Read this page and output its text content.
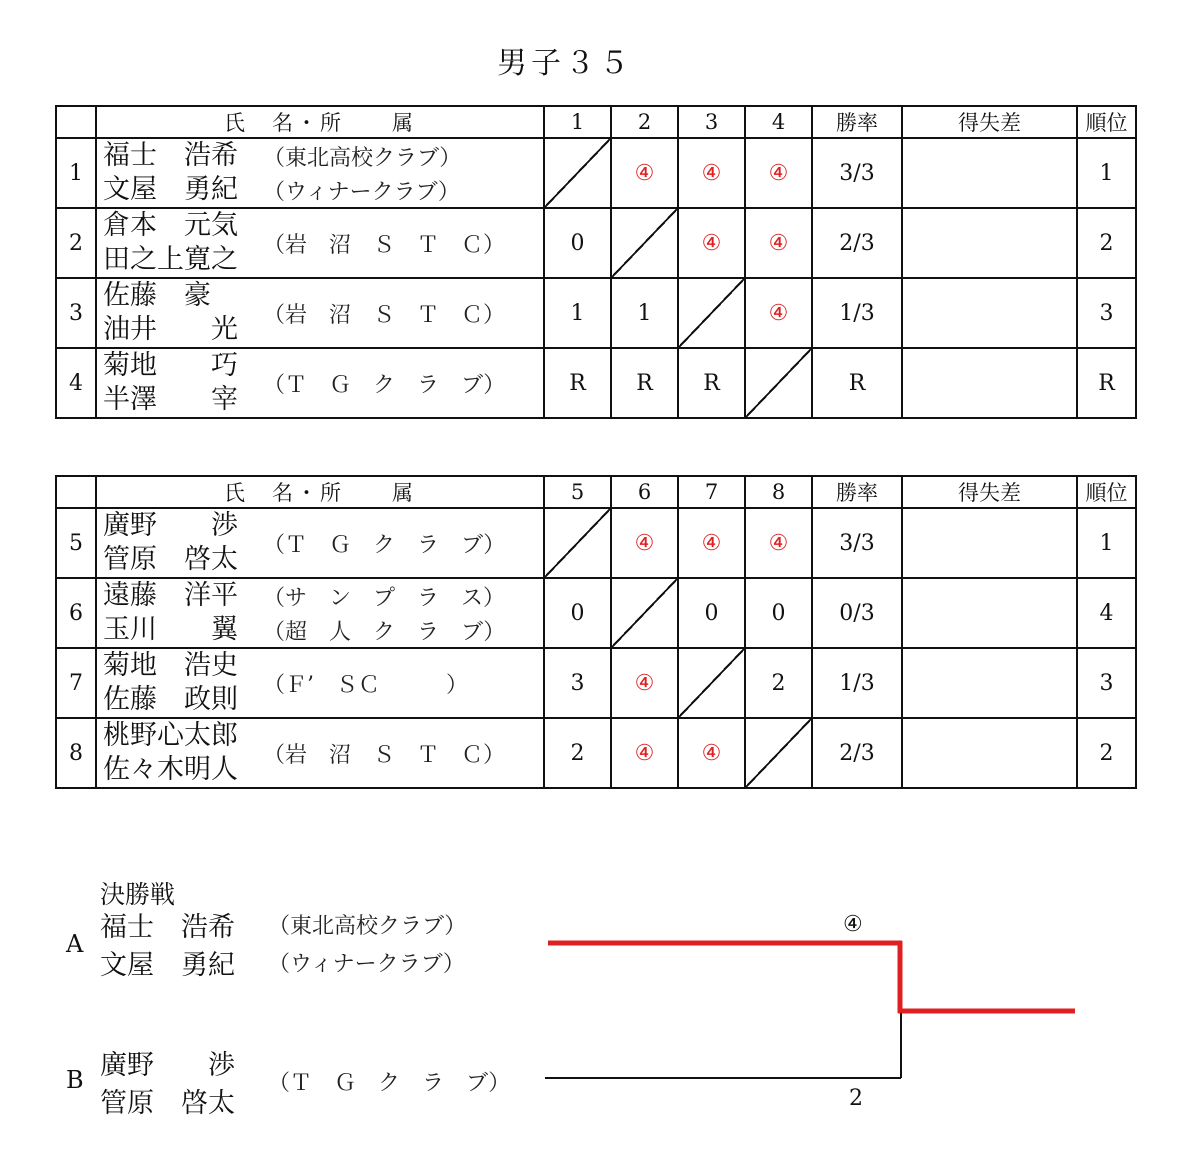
男子３５
	氏　名・所　　属	1	2	3	4	勝率	得失差	順位
1	福士　浩希 （東北高校クラブ）
文屋　勇紀 （ウィナークラブ）		④	④	④	3/3		1
2	倉本　元気
田之上寛之 （岩　沼　Ｓ　Ｔ　Ｃ）	0		④	④	2/3		2
3	佐藤　豪
油井　　光 （岩　沼　Ｓ　Ｔ　Ｃ）	1	1		④	1/3		3
4	菊地　　巧
半澤　　宰 （Ｔ　Ｇ　ク　ラ　ブ）	R	R	R		R		R
	氏　名・所　　属	5	6	7	8	勝率	得失差	順位
5	廣野　　渉
管原　啓太 （Ｔ　Ｇ　ク　ラ　ブ）		④	④	④	3/3		1
6	遠藤　洋平 （サ　ン　プ　ラ　ス）
玉川　　翼 （超　人　ク　ラ　ブ）	0		0	0	0/3		4
7	菊地　浩史
佐藤　政則 （Ｆ’　ＳＣ　　　）	3	④		2	1/3		3
8	桃野心太郎
佐々木明人 （岩　沼　Ｓ　Ｔ　Ｃ）	2	④	④		2/3		2
決勝戦
A
福士　浩希	（東北高校クラブ）
文屋　勇紀	（ウィナークラブ）
B 廣野　　渉
（Ｔ　Ｇ　ク　ラ　ブ）
管原　啓太
④
2
